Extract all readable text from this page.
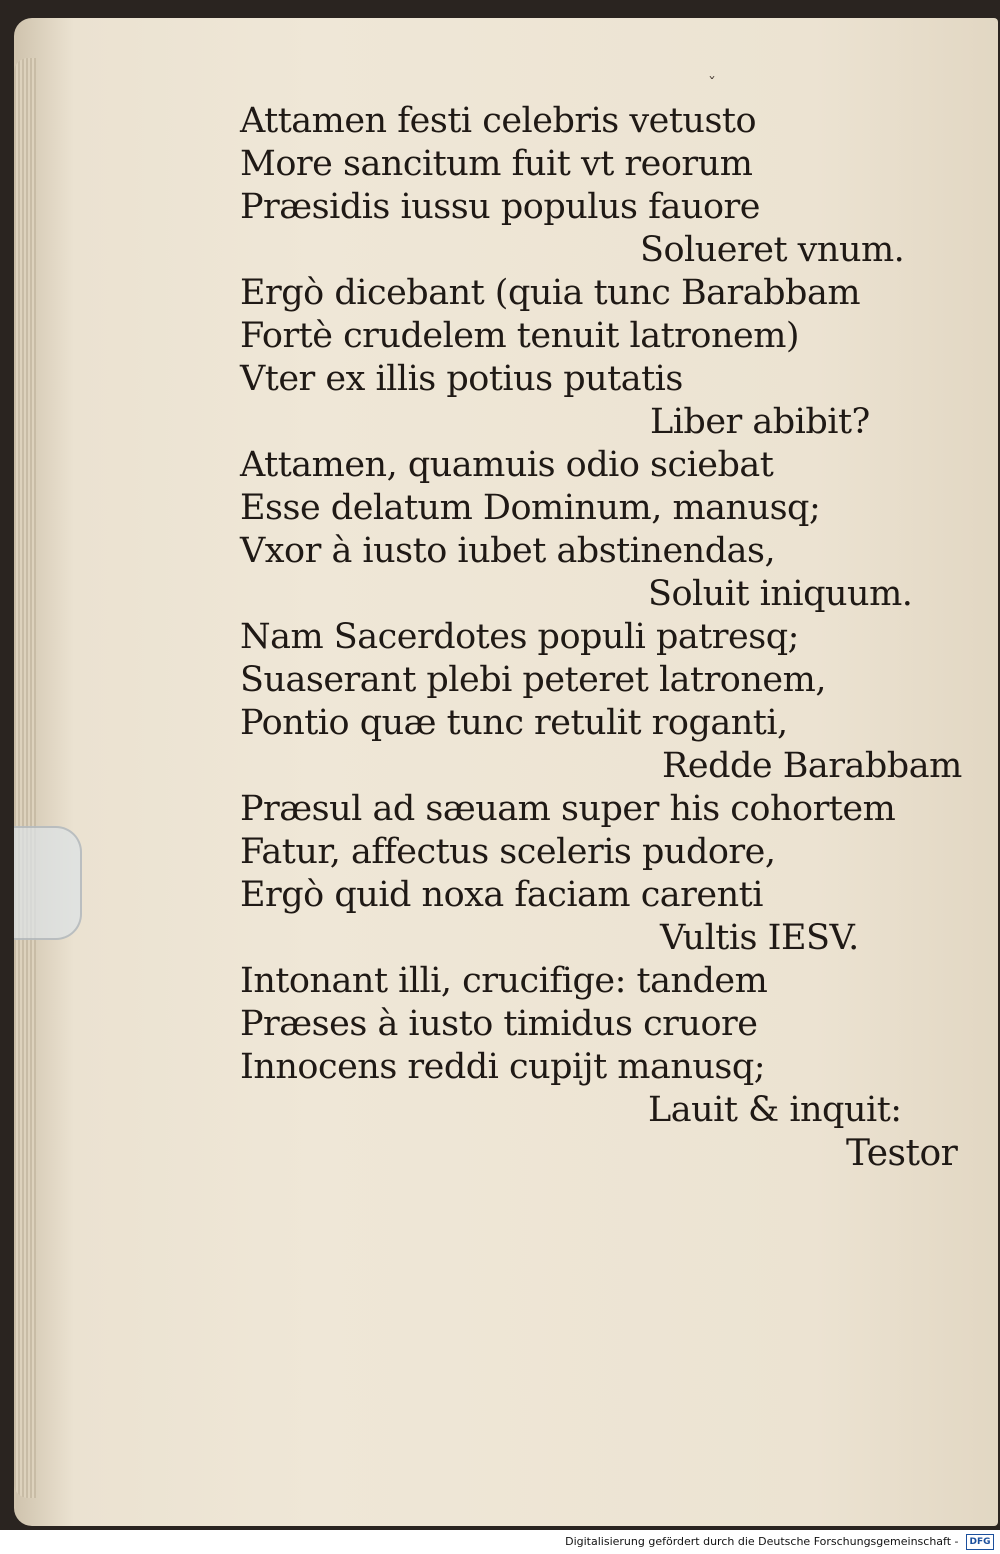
ˇ
Attamen festi celebris vetusto
More sancitum fuit vt reorum
Præsidis iussu populus fauore
Solueret vnum.
Ergò dicebant (quia tunc Barabbam
Fortè crudelem tenuit latronem)
Vter ex illis potius putatis
Liber abibit?
Attamen, quamuis odio sciebat
Esse delatum Dominum, manusq;
Vxor à iusto iubet abstinendas,
Soluit iniquum.
Nam Sacerdotes populi patresq;
Suaserant plebi peteret latronem,
Pontio quæ tunc retulit roganti,
Redde Barabbam
Præsul ad sæuam super his cohortem
Fatur, affectus sceleris pudore,
Ergò quid noxa faciam carenti
Vultis IESV.
Intonant illi, crucifige: tandem
Præses à iusto timidus cruore
Innocens reddi cupijt manusq;
Lauit & inquit:
Testor
Digitalisierung gefördert durch die Deutsche Forschungsgemeinschaft - DFG
